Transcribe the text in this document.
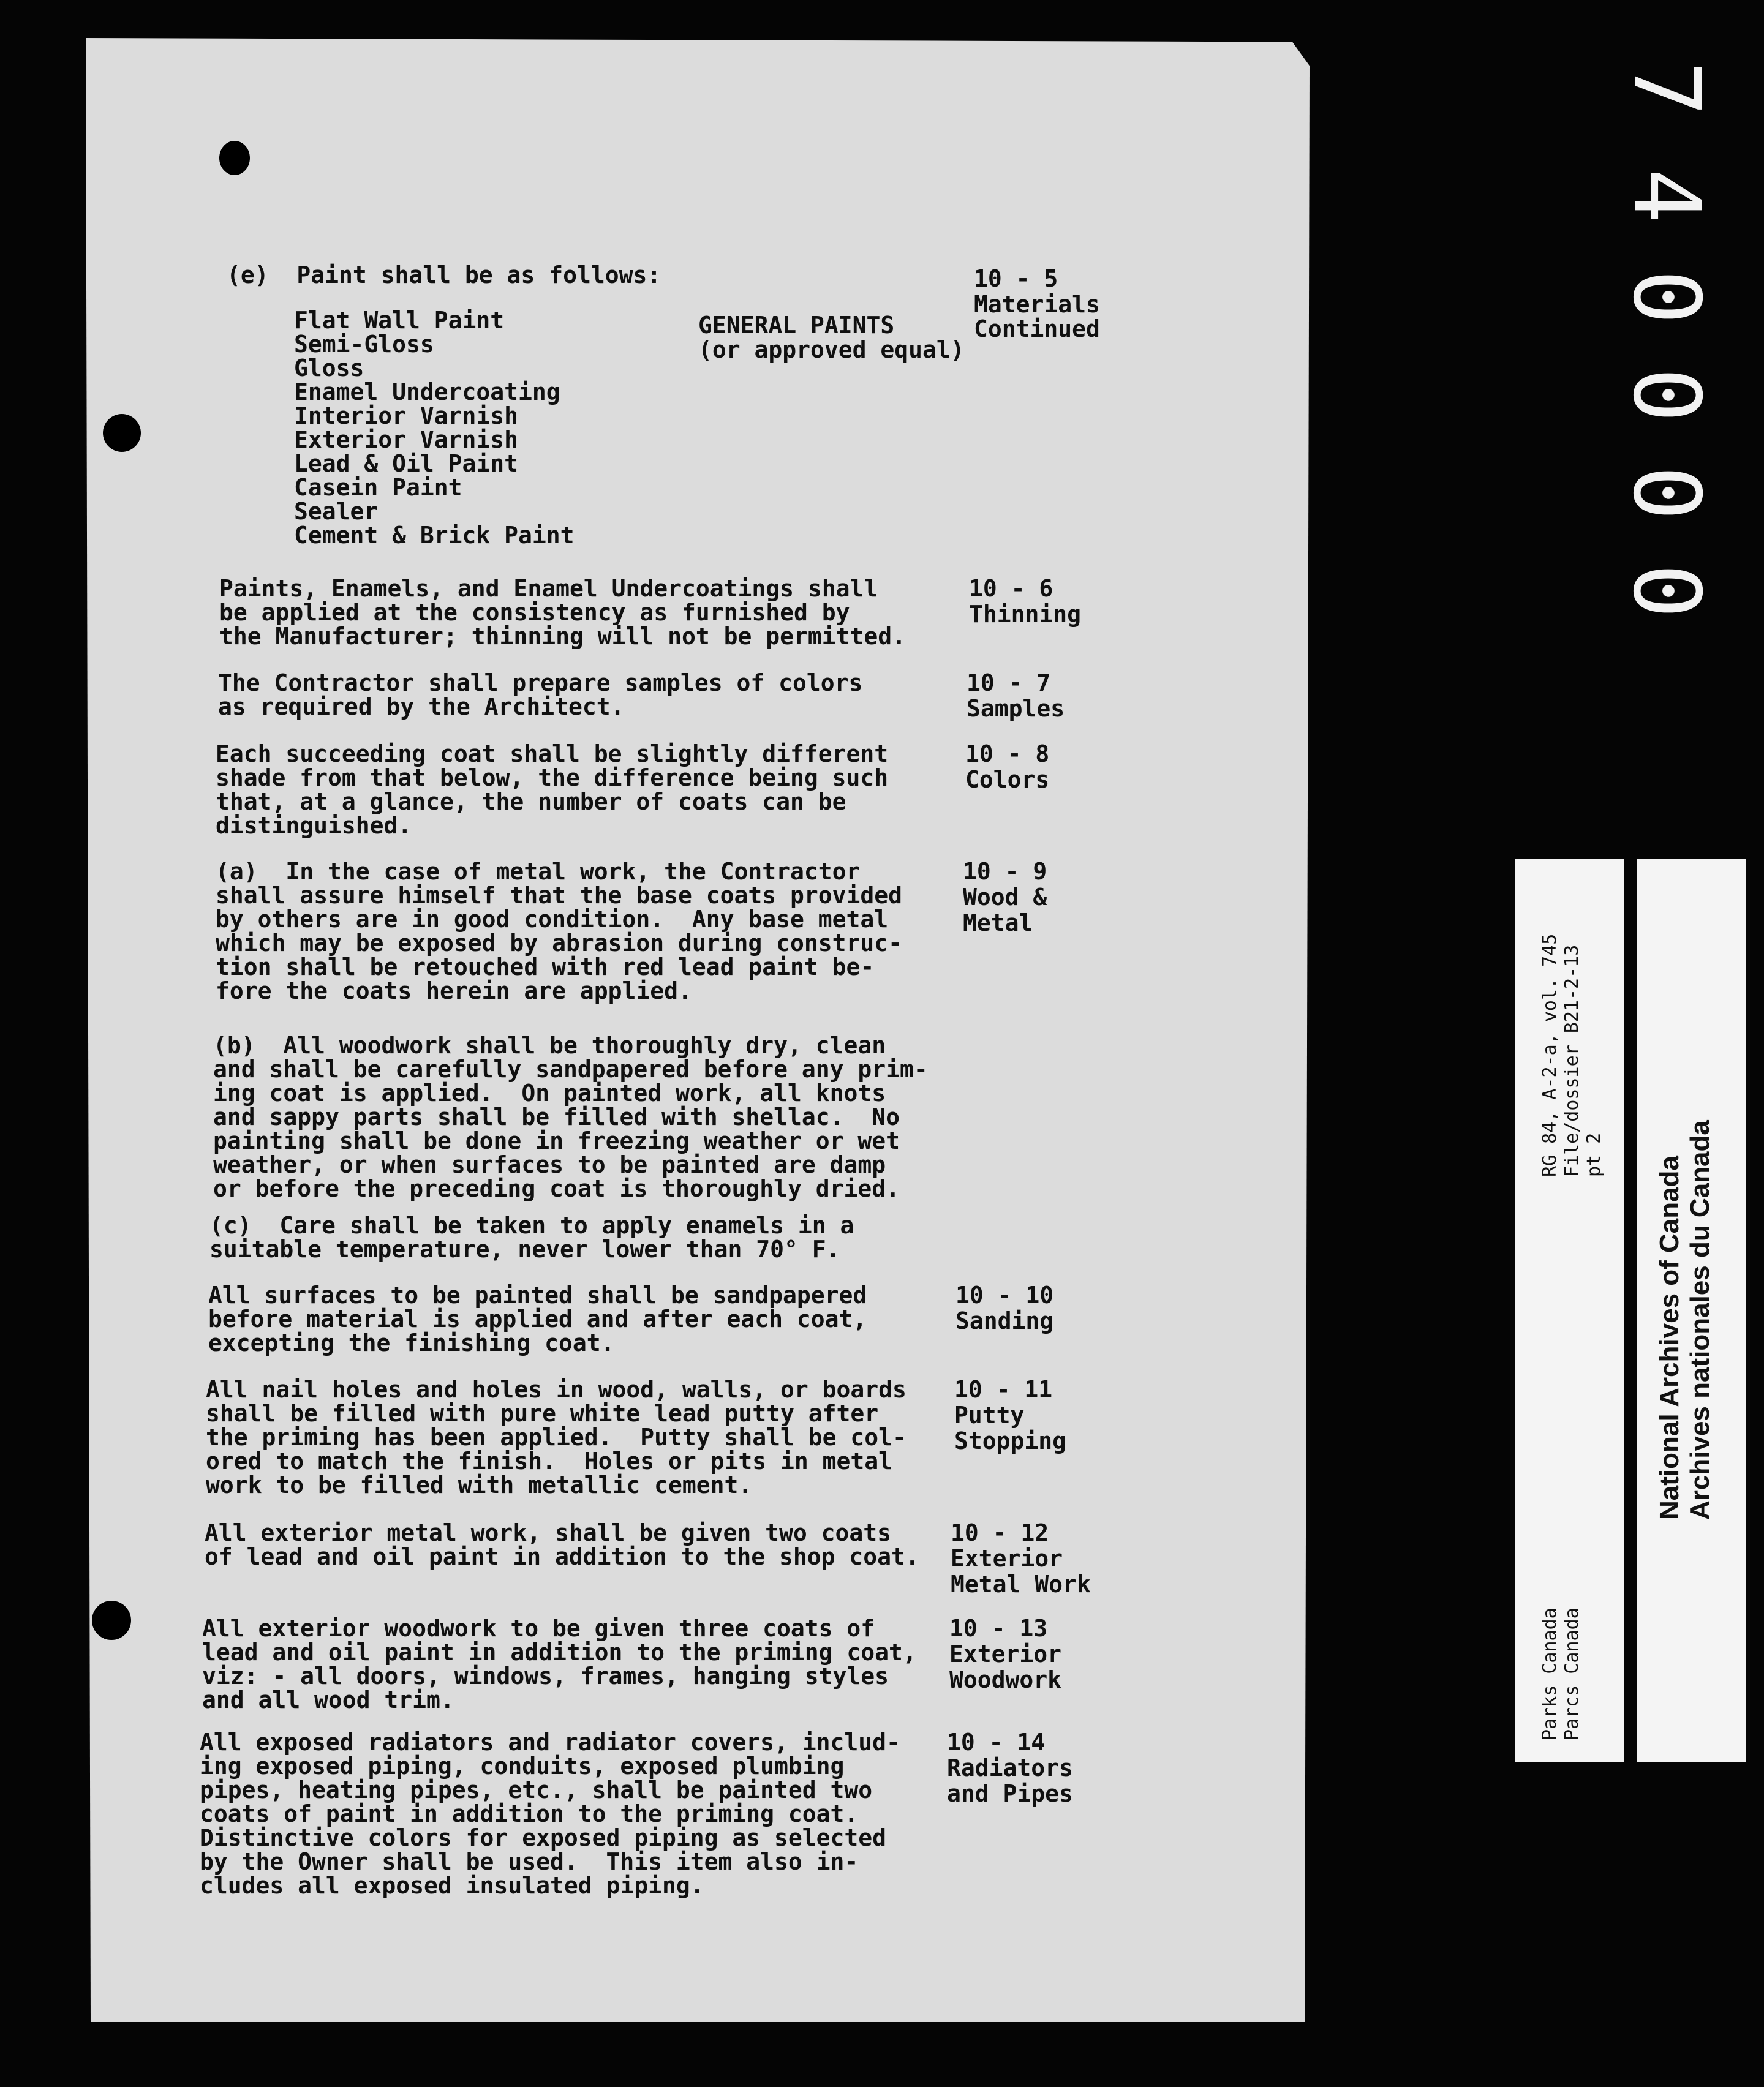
(e)  Paint shall be as follows:	10 - 5
Materials
Continued
Flat Wall Paint
Semi-Gloss
Gloss
Enamel Undercoating
Interior Varnish
Exterior Varnish
Lead & Oil Paint
Casein Paint
Sealer
Cement & Brick Paint
GENERAL PAINTS
(or approved equal)
Paints, Enamels, and Enamel Undercoatings shall
be applied at the consistency as furnished by
the Manufacturer; thinning will not be permitted.
10 - 6
Thinning
The Contractor shall prepare samples of colors
as required by the Architect.
10 - 7
Samples
Each succeeding coat shall be slightly different
shade from that below, the difference being such
that, at a glance, the number of coats can be
distinguished.
10 - 8
Colors
(a)  In the case of metal work, the Contractor
shall assure himself that the base coats provided
by others are in good condition.  Any base metal
which may be exposed by abrasion during construc-
tion shall be retouched with red lead paint be-
fore the coats herein are applied.
10 - 9
Wood &
Metal
(b)  All woodwork shall be thoroughly dry, clean
and shall be carefully sandpapered before any prim-
ing coat is applied.  On painted work, all knots
and sappy parts shall be filled with shellac.  No
painting shall be done in freezing weather or wet
weather, or when surfaces to be painted are damp
or before the preceding coat is thoroughly dried.
(c)  Care shall be taken to apply enamels in a
suitable temperature, never lower than 70° F.
All surfaces to be painted shall be sandpapered
before material is applied and after each coat,
excepting the finishing coat.
10 - 10
Sanding
All nail holes and holes in wood, walls, or boards
shall be filled with pure white lead putty after
the priming has been applied.  Putty shall be col-
ored to match the finish.  Holes or pits in metal
work to be filled with metallic cement.
10 - 11
Putty
Stopping
All exterior metal work, shall be given two coats
of lead and oil paint in addition to the shop coat.
10 - 12
Exterior
Metal Work
All exterior woodwork to be given three coats of
lead and oil paint in addition to the priming coat,
viz: - all doors, windows, frames, hanging styles
and all wood trim.
10 - 13
Exterior
Woodwork
All exposed radiators and radiator covers, includ-
ing exposed piping, conduits, exposed plumbing
pipes, heating pipes, etc., shall be painted two
coats of paint in addition to the priming coat.
Distinctive colors for exposed piping as selected
by the Owner shall be used.  This item also in-
cludes all exposed insulated piping.
10 - 14
Radiators
and Pipes
0
0
0
0
4
7
Parks Canada Parcs Canada
RG 84, A-2-a, vol. 745 File/dossier B21-2-13 pt 2
National Archives of Canada Archives nationales du Canada
